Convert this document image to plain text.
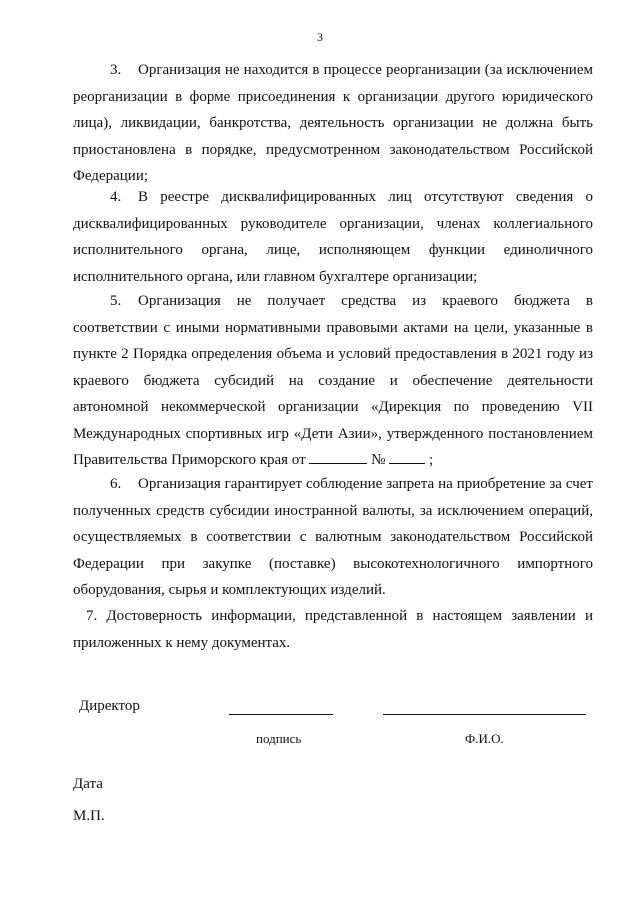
3

3. Организация не находится в процессе реорганизации (за исключением реорганизации в форме присоединения к организации другого юридического лица), ликвидации, банкротства, деятельность организации не должна быть приостановлена в порядке, предусмотренном законодательством Российской Федерации;

4. В реестре дисквалифицированных лиц отсутствуют сведения о дисквалифицированных руководителе организации, членах коллегиального исполнительного органа, лице, исполняющем функции единоличного исполнительного органа, или главном бухгалтере организации;

5. Организация не получает средства из краевого бюджета в соответствии с иными нормативными правовыми актами на цели, указанные в пункте 2 Порядка определения объема и условий предоставления в 2021 году из краевого бюджета субсидий на создание и обеспечение деятельности автономной некоммерческой организации «Дирекция по проведению VII Международных спортивных игр «Дети Азии», утвержденного постановлением Правительства Приморского края от	№	;

6. Организация гарантирует соблюдение запрета на приобретение за счет полученных средств субсидии иностранной валюты, за исключением операций, осуществляемых в соответствии с валютным законодательством Российской Федерации при закупке (поставке) высокотехнологичного импортного оборудования, сырья и комплектующих изделий.

7. Достоверность информации, представленной в настоящем заявлении и приложенных к нему документах.

Директор
подпись	Ф.И.О.
Дата
М.П.
